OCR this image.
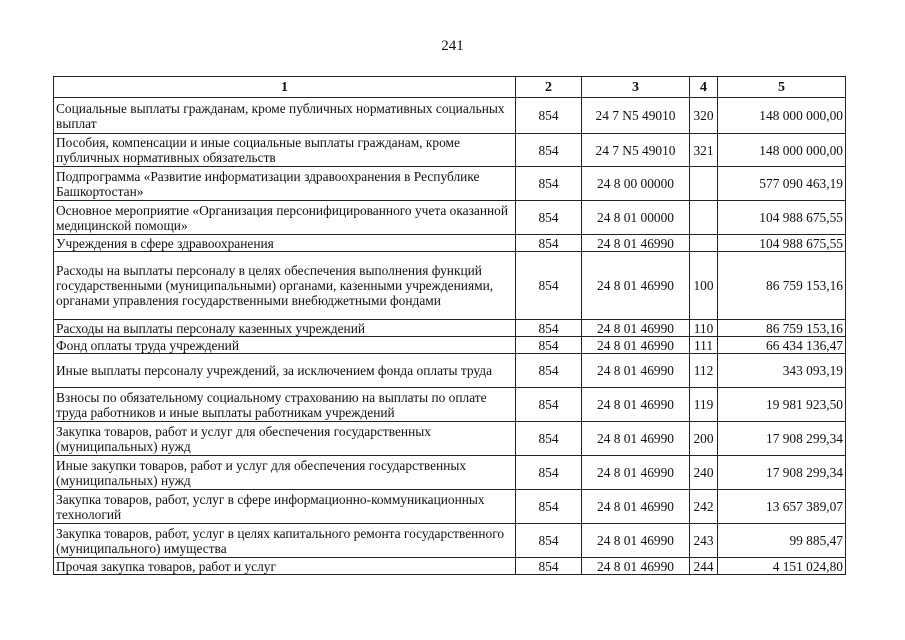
241
1	2	3	4	5
Социальные выплаты гражданам, кроме публичных нормативных социальных выплат	854	24 7 N5 49010	320	148 000 000,00
Пособия, компенсации и иные социальные выплаты гражданам, кроме публичных нормативных обязательств	854	24 7 N5 49010	321	148 000 000,00
Подпрограмма «Развитие информатизации здравоохранения в Республике Башкортостан»	854	24 8 00 00000		577 090 463,19
Основное мероприятие «Организация персонифицированного учета оказанной медицинской помощи»	854	24 8 01 00000		104 988 675,55
Учреждения в сфере здравоохранения	854	24 8 01 46990		104 988 675,55
Расходы на выплаты персоналу в целях обеспечения выполнения функций государственными (муниципальными) органами, казенными учреждениями, органами управления государственными внебюджетными фондами	854	24 8 01 46990	100	86 759 153,16
Расходы на выплаты персоналу казенных учреждений	854	24 8 01 46990	110	86 759 153,16
Фонд оплаты труда учреждений	854	24 8 01 46990	111	66 434 136,47
Иные выплаты персоналу учреждений, за исключением фонда оплаты труда	854	24 8 01 46990	112	343 093,19
Взносы по обязательному социальному страхованию на выплаты по оплате труда работников и иные выплаты работникам учреждений	854	24 8 01 46990	119	19 981 923,50
Закупка товаров, работ и услуг для обеспечения государственных (муниципальных) нужд	854	24 8 01 46990	200	17 908 299,34
Иные закупки товаров, работ и услуг для обеспечения государственных (муниципальных) нужд	854	24 8 01 46990	240	17 908 299,34
Закупка товаров, работ, услуг в сфере информационно-коммуникационных технологий	854	24 8 01 46990	242	13 657 389,07
Закупка товаров, работ, услуг в целях капитального ремонта государственного (муниципального) имущества	854	24 8 01 46990	243	99 885,47
Прочая закупка товаров, работ и услуг	854	24 8 01 46990	244	4 151 024,80
